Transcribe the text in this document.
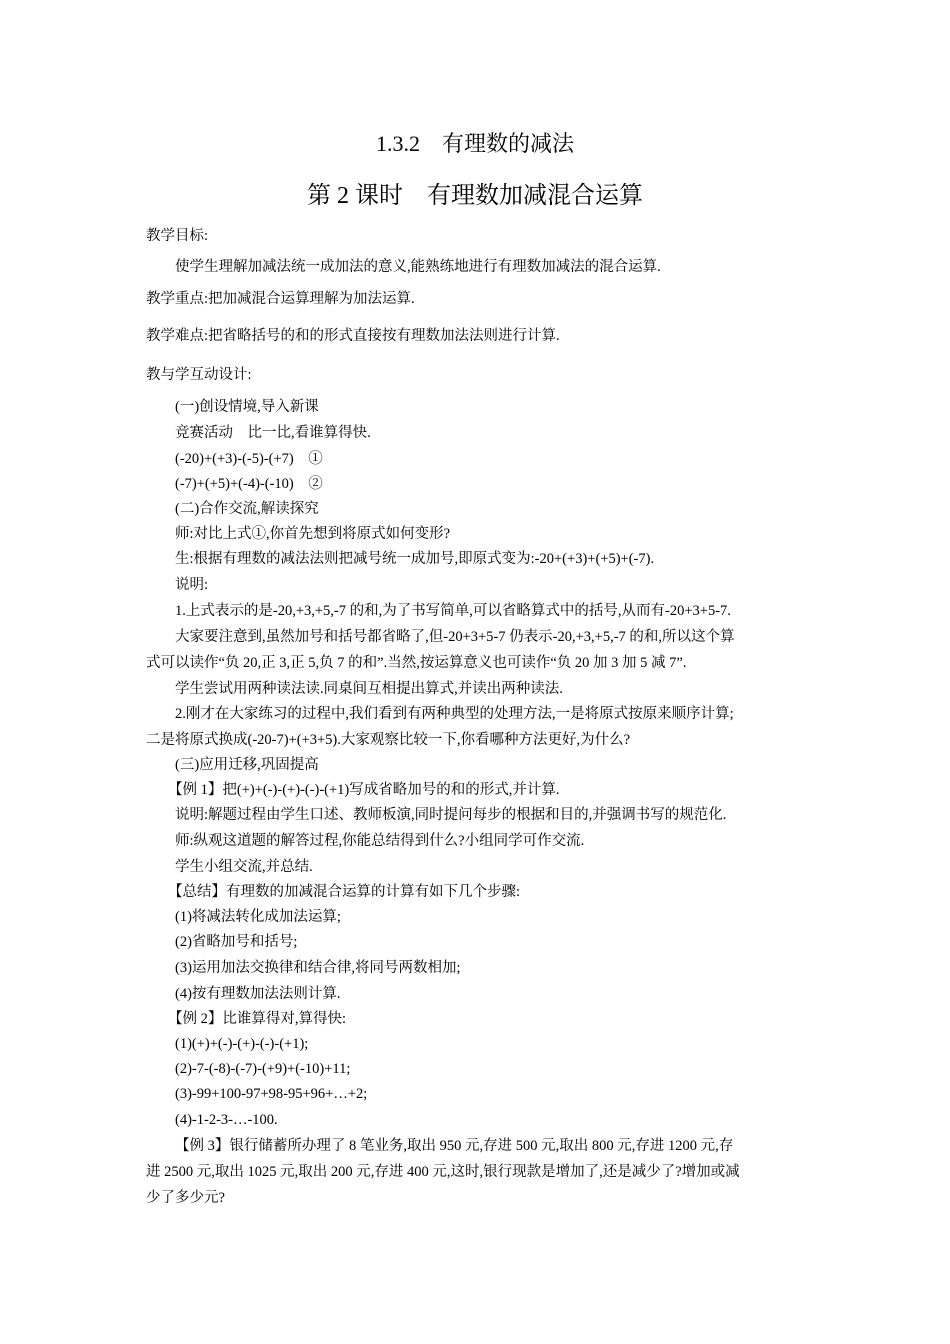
1.3.2　有理数的减法
第 2 课时　有理数加减混合运算
教学目标:
使学生理解加减法统一成加法的意义,能熟练地进行有理数加减法的混合运算.
教学重点:把加减混合运算理解为加法运算.
教学难点:把省略括号的和的形式直接按有理数加法法则进行计算.
教与学互动设计:
(一)创设情境,导入新课
竞赛活动　比一比,看谁算得快.
(-20)+(+3)-(-5)-(+7)　①
(-7)+(+5)+(-4)-(-10)　②
(二)合作交流,解读探究
师:对比上式①,你首先想到将原式如何变形?
生:根据有理数的减法法则把减号统一成加号,即原式变为:-20+(+3)+(+5)+(-7).
说明:
1.上式表示的是-20,+3,+5,-7 的和,为了书写简单,可以省略算式中的括号,从而有-20+3+5-7.
大家要注意到,虽然加号和括号都省略了,但-20+3+5-7 仍表示-20,+3,+5,-7 的和,所以这个算
式可以读作“负 20,正 3,正 5,负 7 的和”.当然,按运算意义也可读作“负 20 加 3 加 5 减 7”.
学生尝试用两种读法读.同桌间互相提出算式,并读出两种读法.
2.刚才在大家练习的过程中,我们看到有两种典型的处理方法,一是将原式按原来顺序计算;
二是将原式换成(-20-7)+(+3+5).大家观察比较一下,你看哪种方法更好,为什么?
(三)应用迁移,巩固提高
【例 1】把(+)+(-)-(+)-(-)-(+1)写成省略加号的和的形式,并计算.
说明:解题过程由学生口述、教师板演,同时提问每步的根据和目的,并强调书写的规范化.
师:纵观这道题的解答过程,你能总结得到什么?小组同学可作交流.
学生小组交流,并总结.
【总结】有理数的加减混合运算的计算有如下几个步骤:
(1)将减法转化成加法运算;
(2)省略加号和括号;
(3)运用加法交换律和结合律,将同号两数相加;
(4)按有理数加法法则计算.
【例 2】比谁算得对,算得快:
(1)(+)+(-)-(+)-(-)-(+1);
(2)-7-(-8)-(-7)-(+9)+(-10)+11;
(3)-99+100-97+98-95+96+…+2;
(4)-1-2-3-…-100.
【例 3】银行储蓄所办理了 8 笔业务,取出 950 元,存进 500 元,取出 800 元,存进 1200 元,存
进 2500 元,取出 1025 元,取出 200 元,存进 400 元,这时,银行现款是增加了,还是减少了?增加或减
少了多少元?
